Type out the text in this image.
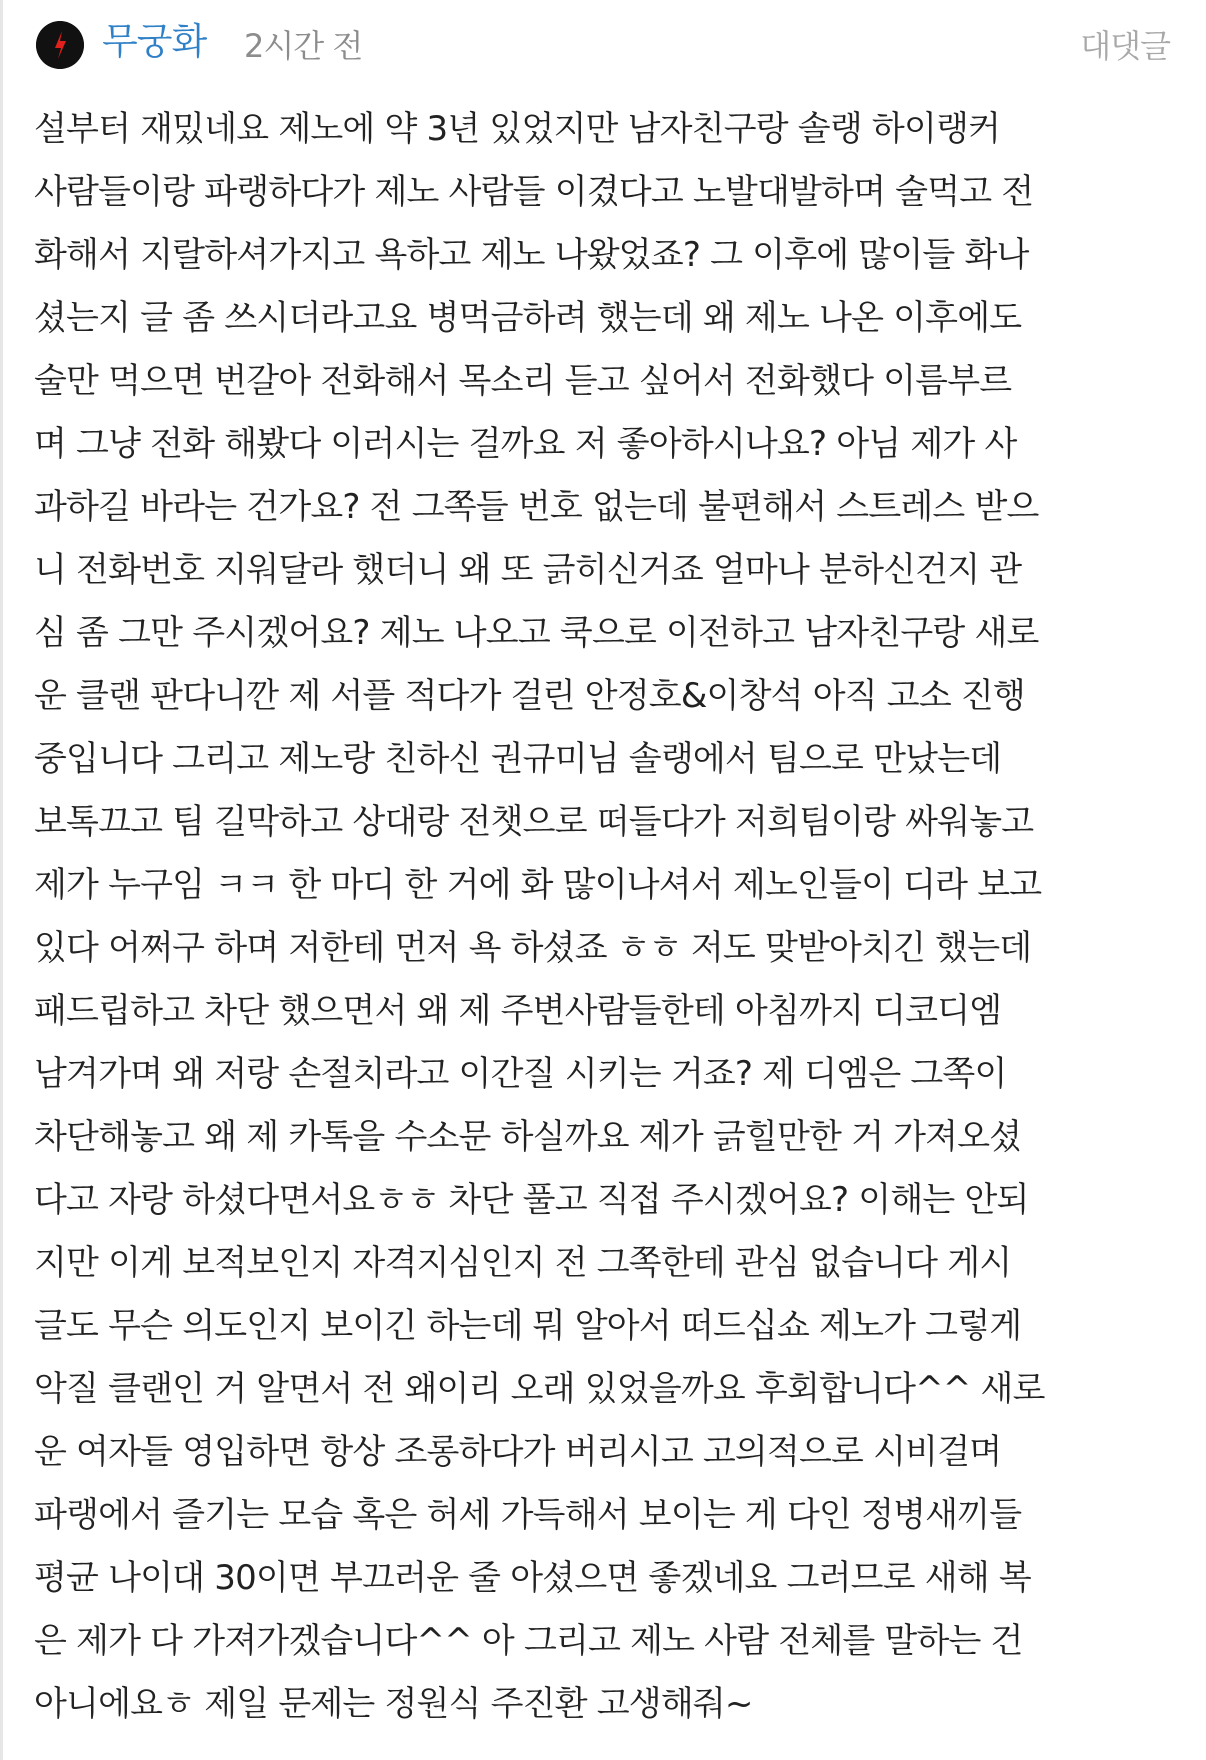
무궁화 2시간 전	대댓글
설부터 재밌네요 제노에 약 3년 있었지만 남자친구랑 솔랭 하이랭커
사람들이랑 파랭하다가 제노 사람들 이겼다고 노발대발하며 술먹고 전
화해서 지랄하셔가지고 욕하고 제노 나왔었죠? 그 이후에 많이들 화나
셨는지 글 좀 쓰시더라고요 병먹금하려 했는데 왜 제노 나온 이후에도
술만 먹으면 번갈아 전화해서 목소리 듣고 싶어서 전화했다 이름부르
며 그냥 전화 해봤다 이러시는 걸까요 저 좋아하시나요? 아님 제가 사
과하길 바라는 건가요? 전 그쪽들 번호 없는데 불편해서 스트레스 받으
니 전화번호 지워달라 했더니 왜 또 긁히신거죠 얼마나 분하신건지 관
심 좀 그만 주시겠어요? 제노 나오고 쿡으로 이전하고 남자친구랑 새로
운 클랜 판다니깐 제 서플 적다가 걸린 안정호&이창석 아직 고소 진행
중입니다 그리고 제노랑 친하신 권규미님 솔랭에서 팀으로 만났는데
보톡끄고 팀 길막하고 상대랑 전챗으로 떠들다가 저희팀이랑 싸워놓고
제가 누구임 ㅋㅋ 한 마디 한 거에 화 많이나셔서 제노인들이 디라 보고
있다 어쩌구 하며 저한테 먼저 욕 하셨죠 ㅎㅎ 저도 맞받아치긴 했는데
패드립하고 차단 했으면서 왜 제 주변사람들한테 아침까지 디코디엠
남겨가며 왜 저랑 손절치라고 이간질 시키는 거죠? 제 디엠은 그쪽이
차단해놓고 왜 제 카톡을 수소문 하실까요 제가 긁힐만한 거 가져오셨
다고 자랑 하셨다면서요ㅎㅎ 차단 풀고 직접 주시겠어요? 이해는 안되
지만 이게 보적보인지 자격지심인지 전 그쪽한테 관심 없습니다 게시
글도 무슨 의도인지 보이긴 하는데 뭐 알아서 떠드십쇼 제노가 그렇게
악질 클랜인 거 알면서 전 왜이리 오래 있었을까요 후회합니다^^ 새로
운 여자들 영입하면 항상 조롱하다가 버리시고 고의적으로 시비걸며
파랭에서 즐기는 모습 혹은 허세 가득해서 보이는 게 다인 정병새끼들
평균 나이대 30이면 부끄러운 줄 아셨으면 좋겠네요 그러므로 새해 복
은 제가 다 가져가겠습니다^^ 아 그리고 제노 사람 전체를 말하는 건
아니에요ㅎ 제일 문제는 정원식 주진환 고생해줘~
